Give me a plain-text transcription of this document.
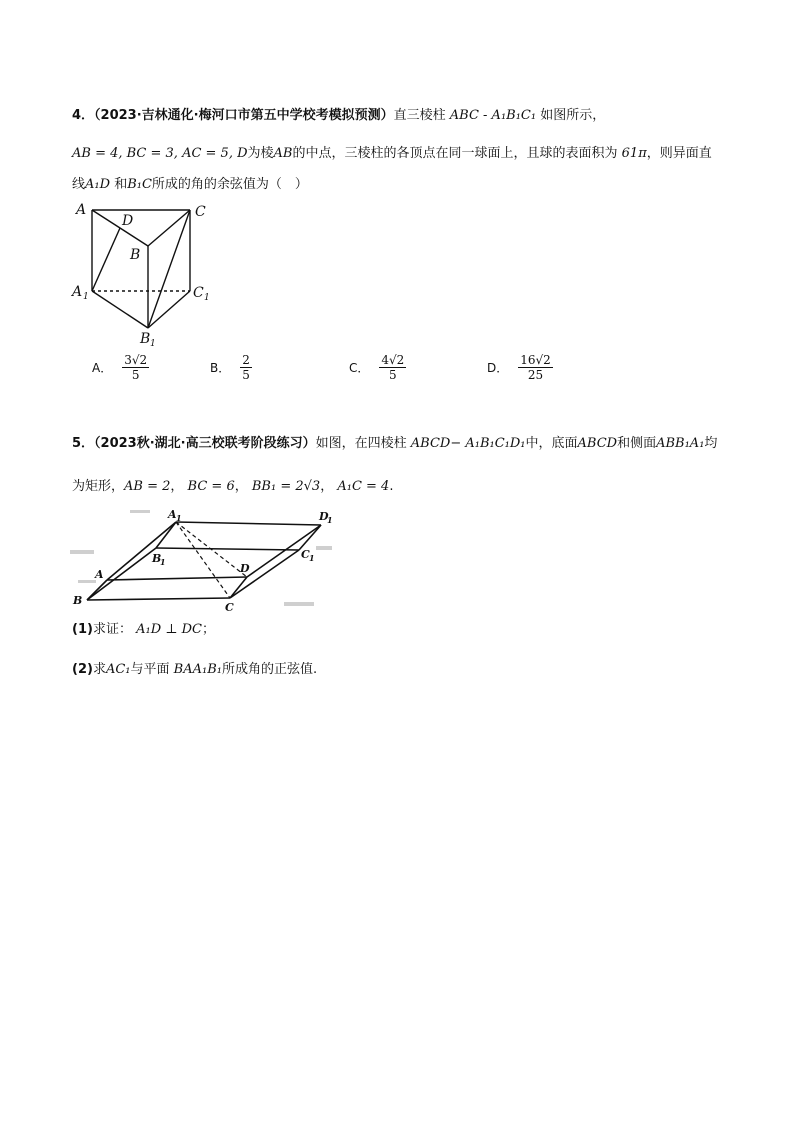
4．（2023·吉林通化·梅河口市第五中学校考模拟预测）直三棱柱 ABC - A₁B₁C₁ 如图所示，
AB = 4, BC = 3, AC = 5, D为棱AB的中点，三棱柱的各顶点在同一球面上，且球的表面积为 61π，则异面直
线A₁D 和B₁C所成的角的余弦值为（　）
A
D
C
B
A 1	C 1
B 1
A． $\frac{3√2}{5}$	B． $\frac{2}{5}$	C． $\frac{4√2}{5}$	D． $\frac{16√2}{25}$
5．（2023秋·湖北·高三校联考阶段练习）如图，在四棱柱 ABCD− A₁B₁C₁D₁中，底面ABCD和侧面ABB₁A₁均
为矩形，AB = 2， BC = 6， BB₁ = 2√3， A₁C = 4.
A 1	D
1
B
1
C 1
A	D
B
C
(1)求证： A₁D ⊥ DC；
(2)求AC₁与平面 BAA₁B₁所成角的正弦值.
